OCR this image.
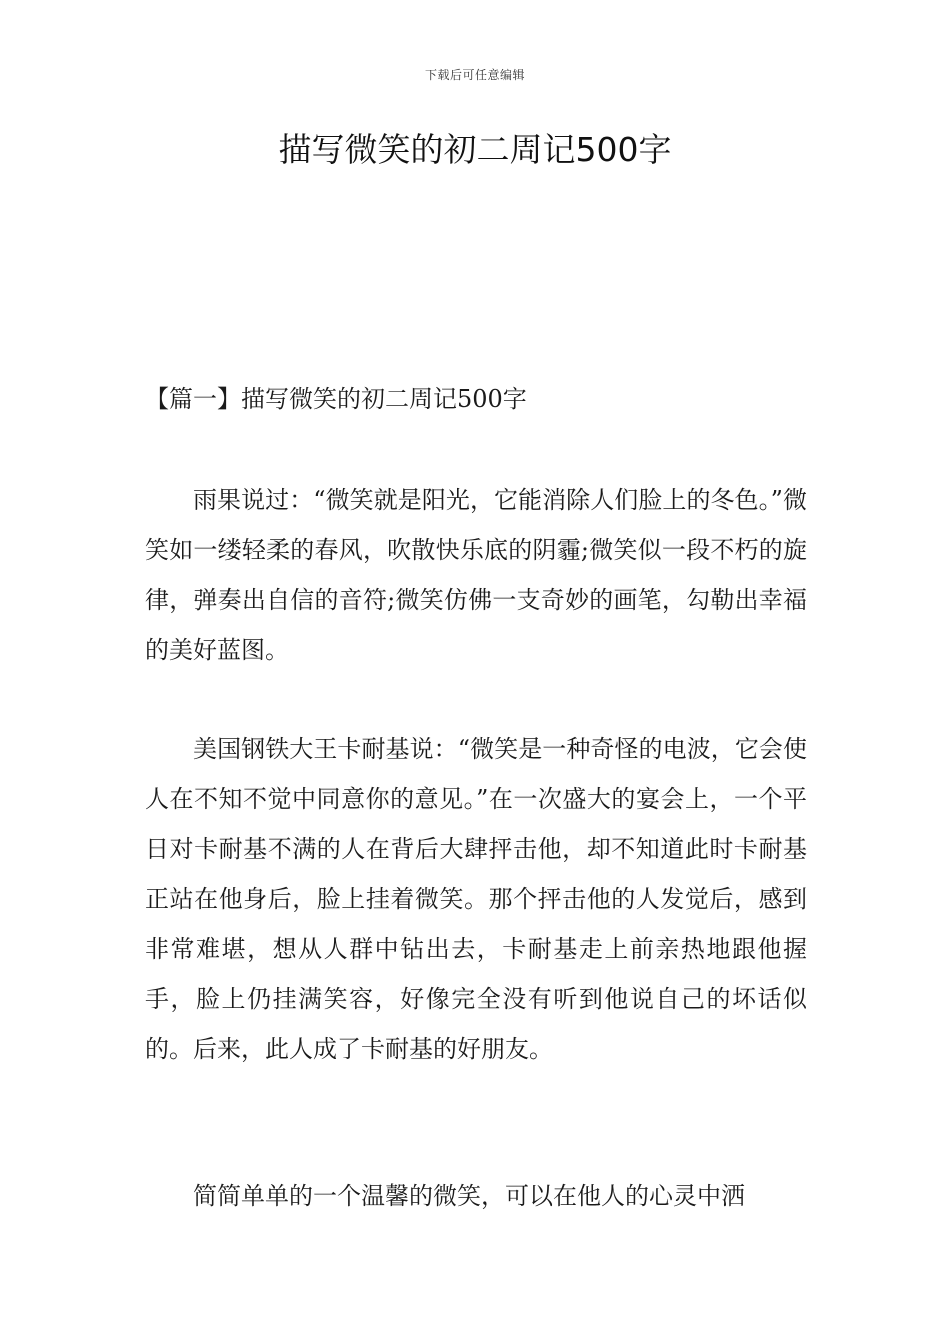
下载后可任意编辑
描写微笑的初二周记500字

【篇一】描写微笑的初二周记500字

雨果说过：“微笑就是阳光，它能消除人们脸上的冬色。”微笑如一缕轻柔的春风，吹散快乐底的阴霾;微笑似一段不朽的旋律，弹奏出自信的音符;微笑仿佛一支奇妙的画笔，勾勒出幸福的美好蓝图。

美国钢铁大王卡耐基说：“微笑是一种奇怪的电波，它会使人在不知不觉中同意你的意见。”在一次盛大的宴会上，一个平日对卡耐基不满的人在背后大肆抨击他，却不知道此时卡耐基正站在他身后，脸上挂着微笑。那个抨击他的人发觉后，感到非常难堪，想从人群中钻出去，卡耐基走上前亲热地跟他握手，脸上仍挂满笑容，好像完全没有听到他说自己的坏话似的。后来，此人成了卡耐基的好朋友。

简简单单的一个温馨的微笑，可以在他人的心灵中洒
